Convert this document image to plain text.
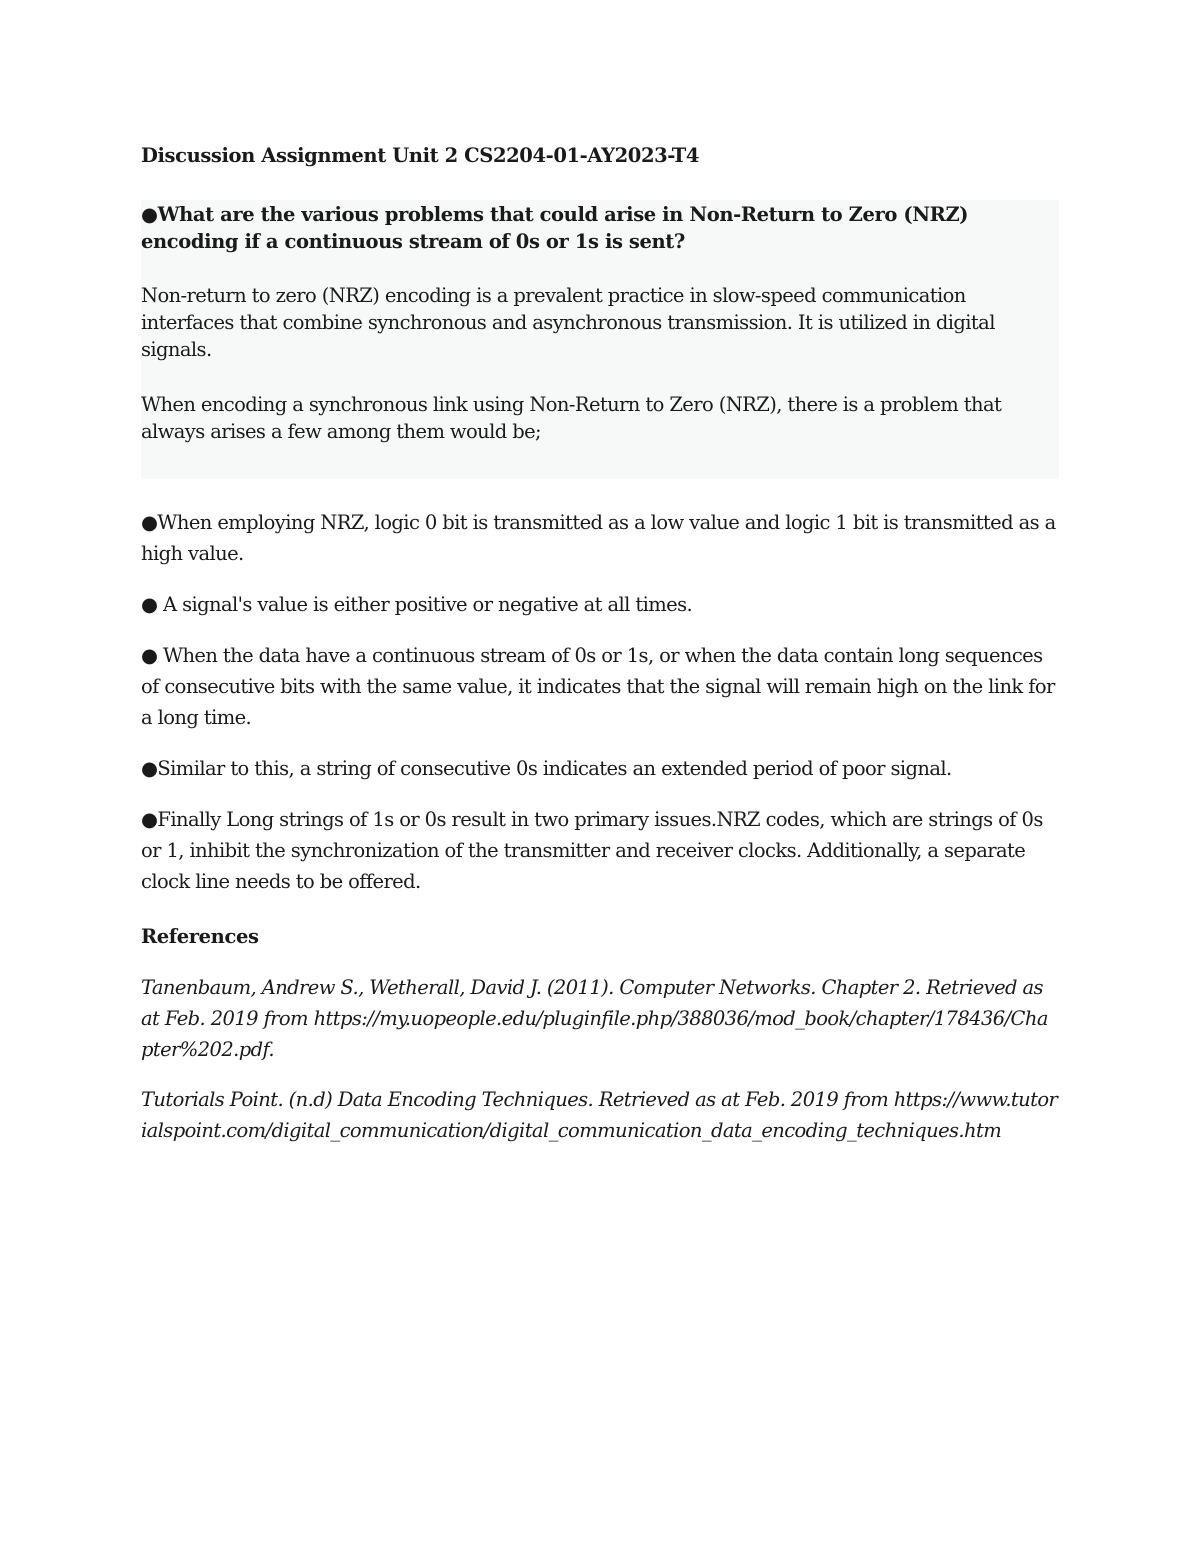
Discussion Assignment Unit 2 CS2204-01-AY2023-T4

●What are the various problems that could arise in Non-Return to Zero (NRZ) encoding if a continuous stream of 0s or 1s is sent?

Non-return to zero (NRZ) encoding is a prevalent practice in slow-speed communication interfaces that combine synchronous and asynchronous transmission. It is utilized in digital signals.

When encoding a synchronous link using Non-Return to Zero (NRZ), there is a problem that always arises a few among them would be;

●When employing NRZ, logic 0 bit is transmitted as a low value and logic 1 bit is transmitted as a high value.

● A signal's value is either positive or negative at all times.

● When the data have a continuous stream of 0s or 1s, or when the data contain long sequences of consecutive bits with the same value, it indicates that the signal will remain high on the link for a long time.

●Similar to this, a string of consecutive 0s indicates an extended period of poor signal.

●Finally Long strings of 1s or 0s result in two primary issues.NRZ codes, which are strings of 0s or 1, inhibit the synchronization of the transmitter and receiver clocks. Additionally, a separate clock line needs to be offered.

References

Tanenbaum, Andrew S., Wetherall, David J. (2011). Computer Networks. Chapter 2. Retrieved as at Feb. 2019 from https://my.uopeople.edu/pluginfile.php/388036/mod_book/chapter/178436/Chapter%202.pdf.

Tutorials Point. (n.d) Data Encoding Techniques. Retrieved as at Feb. 2019 from https://www.tutorialspoint.com/digital_communication/digital_communication_data_encoding_techniques.htm
